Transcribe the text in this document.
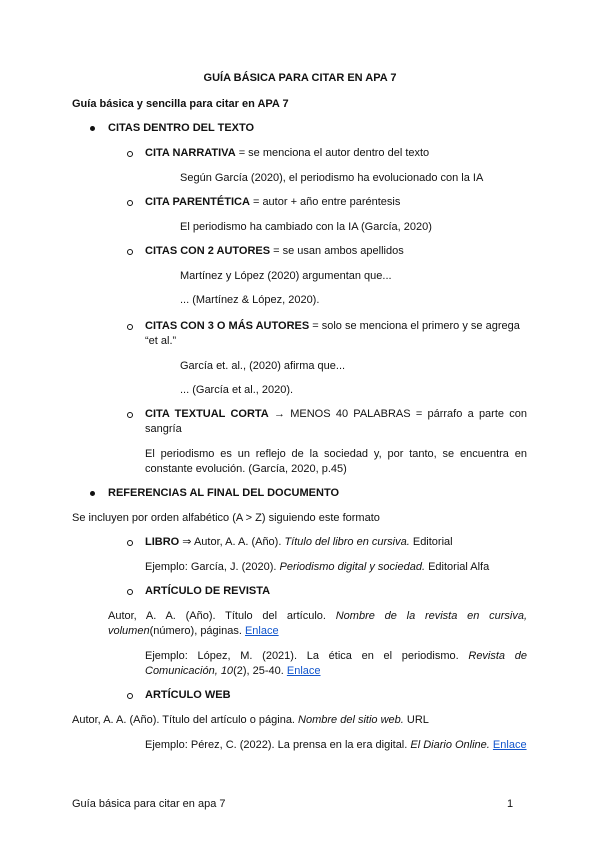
GUÍA BÁSICA PARA CITAR EN APA 7
Guía básica y sencilla para citar en APA 7
CITAS DENTRO DEL TEXTO
CITA NARRATIVA = se menciona el autor dentro del texto
Según García (2020), el periodismo ha evolucionado con la IA
CITA PARENTÉTICA = autor + año entre paréntesis
El periodismo ha cambiado con la IA (García, 2020)
CITAS CON 2 AUTORES = se usan ambos apellidos
Martínez y López (2020) argumentan que...
... (Martínez & López, 2020).
CITAS CON 3 O MÁS AUTORES = solo se menciona el primero y se agrega
“et al.”
García et. al., (2020) afirma que...
... (García et al., 2020).
CITA TEXTUAL CORTA → MENOS 40 PALABRAS = párrafo a parte con
sangría
El periodismo es un reflejo de la sociedad y, por tanto, se encuentra en constante evolución. (García, 2020, p.45)
REFERENCIAS AL FINAL DEL DOCUMENTO
Se incluyen por orden alfabético (A > Z) siguiendo este formato
LIBRO ⇒ Autor, A. A. (Año). Título del libro en cursiva. Editorial
Ejemplo: García, J. (2020). Periodismo digital y sociedad. Editorial Alfa
ARTÍCULO DE REVISTA
Autor, A. A. (Año). Título del artículo. Nombre de la revista en cursiva, volumen(número), páginas. Enlace
Ejemplo: López, M. (2021). La ética en el periodismo. Revista de Comunicación, 10(2), 25-40. Enlace
ARTÍCULO WEB
Autor, A. A. (Año). Título del artículo o página. Nombre del sitio web. URL
Ejemplo: Pérez, C. (2022). La prensa en la era digital. El Diario Online. Enlace
Guía básica para citar en apa 7	1
